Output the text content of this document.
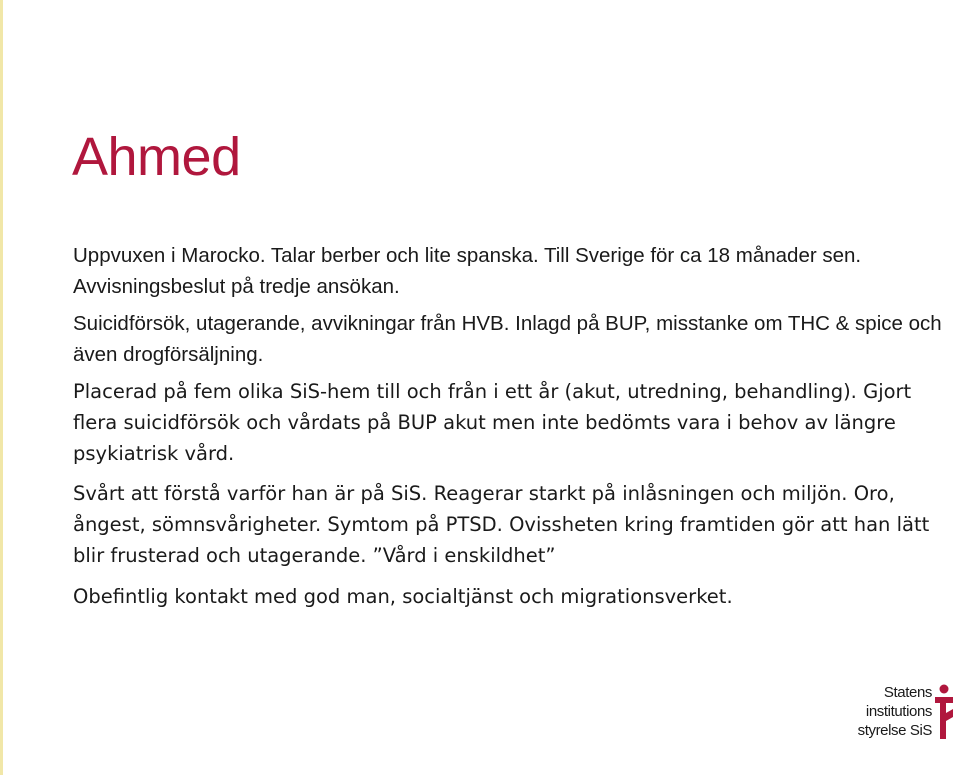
Ahmed

Uppvuxen i Marocko. Talar berber och lite spanska. Till Sverige för ca 18 månader sen. Avvisningsbeslut på tredje ansökan.

Suicidförsök, utagerande, avvikningar från HVB. Inlagd på BUP, misstanke om THC & spice och även drogförsäljning.

Placerad på fem olika SiS-hem till och från i ett år (akut, utredning, behandling). Gjort flera suicidförsök och vårdats på BUP akut men inte bedömts vara i behov av längre psykiatrisk vård.

Svårt att förstå varför han är på SiS. Reagerar starkt på inlåsningen och miljön. Oro, ångest, sömnsvårigheter. Symtom på PTSD. Ovissheten kring framtiden gör att han lätt blir frusterad och utagerande. ”Vård i enskildhet”

Obefintlig kontakt med god man, socialtjänst och migrationsverket.

Statens
institutions
styrelse SiS
